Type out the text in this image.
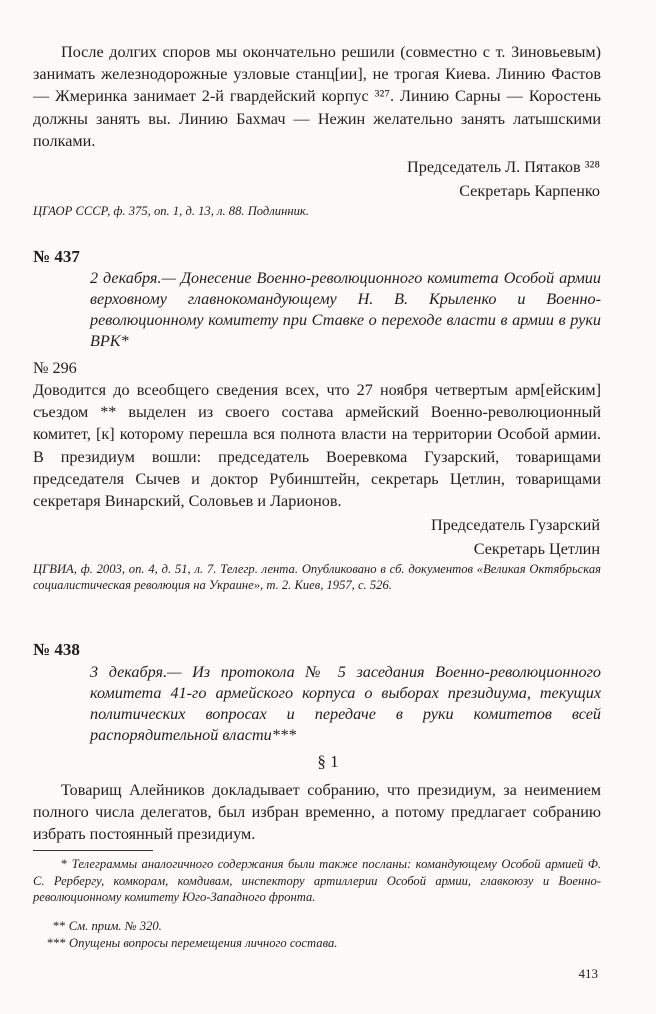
После долгих споров мы окончательно решили (совместно с т. Зиновьевым) занимать железнодорожные узловые станц[ии], не трогая Киева. Линию Фастов — Жмеринка занимает 2-й гвардейский корпус ³²⁷. Линию Сарны — Коростень должны занять вы. Линию Бахмач — Нежин желательно занять латышскими полками.

Председатель Л. Пятаков ³²⁸

Секретарь Карпенко

ЦГАОР СССР, ф. 375, оп. 1, д. 13, л. 88. Подлинник.

№ 437

2 декабря.— Донесение Военно-революционного комитета Особой армии верховному главнокомандующему Н. В. Крыленко и Военно-революционному комитету при Ставке о переходе власти в армии в руки ВРК*

№ 296

Доводится до всеобщего сведения всех, что 27 ноября четвертым арм[ейским] съездом ** выделен из своего состава армейский Военно-революционный комитет, [к] которому перешла вся полнота власти на территории Особой армии. В президиум вошли: председатель Воеревкома Гузарский, товарищами председателя Сычев и доктор Рубинштейн, секретарь Цетлин, товарищами секретаря Винарский, Соловьев и Ларионов.

Председатель Гузарский

Секретарь Цетлин

ЦГВИА, ф. 2003, оп. 4, д. 51, л. 7. Телегр. лента. Опубликовано в сб. документов «Великая Октябрьская социалистическая революция на Украине», т. 2. Киев, 1957, с. 526.

№ 438

3 декабря.— Из протокола № 5 заседания Военно-революционного комитета 41-го армейского корпуса о выборах президиума, текущих политических вопросах и передаче в руки комитетов всей распорядительной власти***

§ 1

Товарищ Алейников докладывает собранию, что президиум, за неимением полного числа делегатов, был избран временно, а потому предлагает собранию избрать постоянный президиум.

* Телеграммы аналогичного содержания были также посланы: командующему Особой армией Ф. С. Рербергу, комкорам, комдивам, инспектору артиллерии Особой армии, главкоюзу и Военно-революционному комитету Юго-Западного фронта.

** См. прим. № 320.

*** Опущены вопросы перемещения личного состава.

413
